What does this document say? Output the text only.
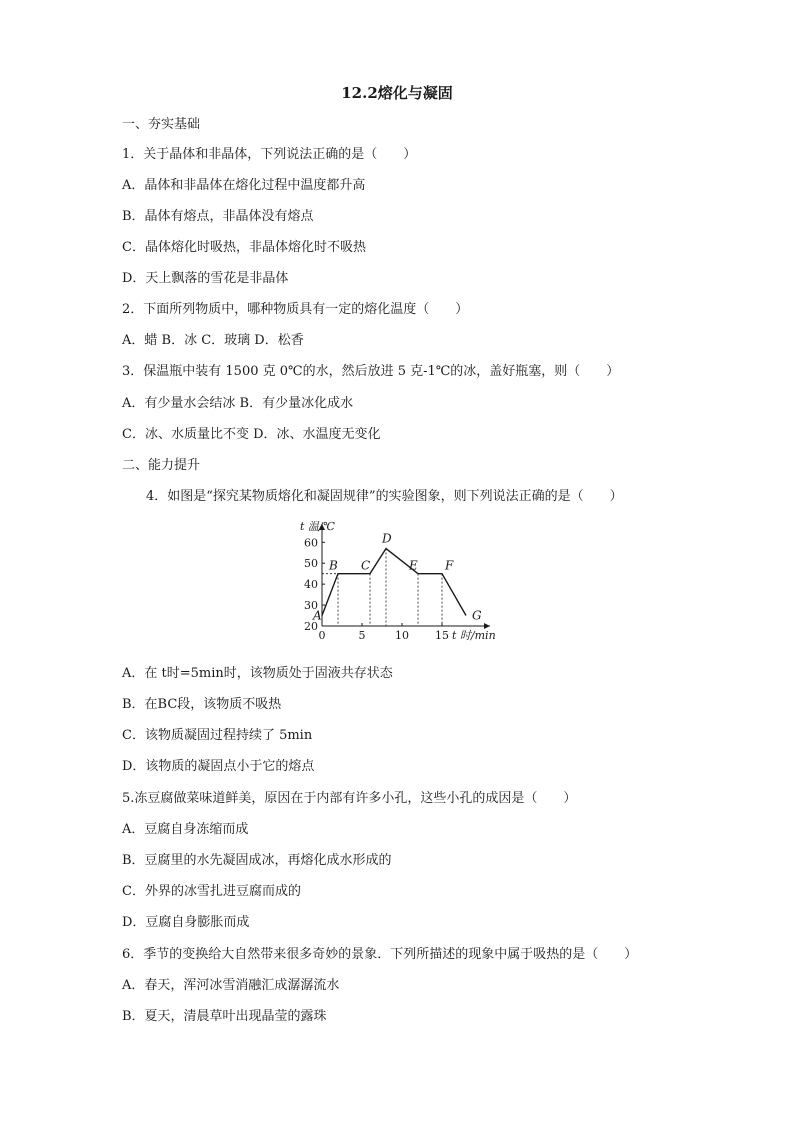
12.2熔化与凝固
一、夯实基础
1．关于晶体和非晶体，下列说法正确的是（　　）
A．晶体和非晶体在熔化过程中温度都升高
B．晶体有熔点，非晶体没有熔点
C．晶体熔化时吸热，非晶体熔化时不吸热
D．天上飘落的雪花是非晶体
2．下面所列物质中，哪种物质具有一定的熔化温度（　　）
A．蜡 B．冰 C．玻璃 D．松香
3．保温瓶中装有 1500 克 0℃的水，然后放进 5 克-1℃的冰，盖好瓶塞，则（　　）
A．有少量水会结冰 B．有少量冰化成水
C．冰、水质量比不变 D．冰、水温度无变化
二、能力提升
4．如图是“探究某物质熔化和凝固规律”的实验图象，则下列说法正确的是（　　）
0	5	10 15
20
30
40
50
60
t 温/℃
t 时/min
A
B C
D
E F
G
A．在 t时=5min时，该物质处于固液共存状态
B．在BC段，该物质不吸热
C．该物质凝固过程持续了 5min
D．该物质的凝固点小于它的熔点
5.冻豆腐做菜味道鲜美，原因在于内部有许多小孔，这些小孔的成因是（　　）
A．豆腐自身冻缩而成
B．豆腐里的水先凝固成冰，再熔化成水形成的
C．外界的冰雪扎进豆腐而成的
D．豆腐自身膨胀而成
6．季节的变换给大自然带来很多奇妙的景象．下列所描述的现象中属于吸热的是（　　）
A．春天，浑河冰雪消融汇成潺潺流水
B．夏天，清晨草叶出现晶莹的露珠
